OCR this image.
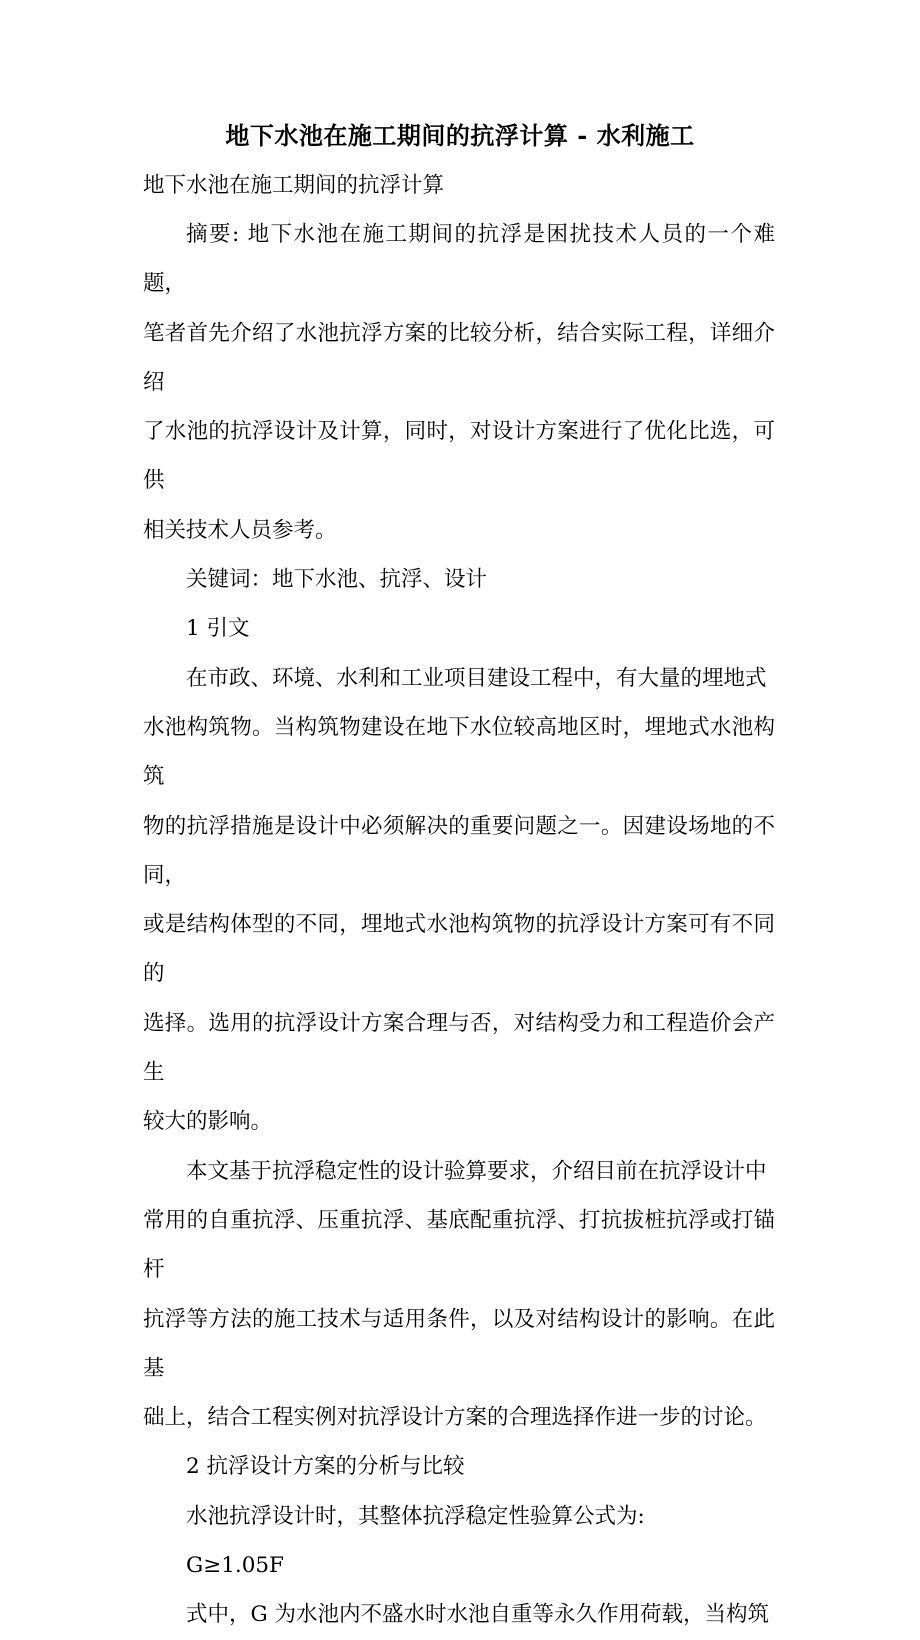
地下水池在施工期间的抗浮计算 - 水利施工
地下水池在施工期间的抗浮计算

摘要: 地下水池在施工期间的抗浮是困扰技术人员的一个难题，
笔者首先介绍了水池抗浮方案的比较分析，结合实际工程，详细介绍
了水池的抗浮设计及计算，同时，对设计方案进行了优化比选，可供
相关技术人员参考。

关键词：地下水池、抗浮、设计

1 引文

在市政、环境、水利和工业项目建设工程中，有大量的埋地式
水池构筑物。当构筑物建设在地下水位较高地区时，埋地式水池构筑
物的抗浮措施是设计中必须解决的重要问题之一。因建设场地的不同，
或是结构体型的不同，埋地式水池构筑物的抗浮设计方案可有不同的
选择。选用的抗浮设计方案合理与否，对结构受力和工程造价会产生
较大的影响。

本文基于抗浮稳定性的设计验算要求，介绍目前在抗浮设计中
常用的自重抗浮、压重抗浮、基底配重抗浮、打抗拔桩抗浮或打锚杆
抗浮等方法的施工技术与适用条件，以及对结构设计的影响。在此基
础上，结合工程实例对抗浮设计方案的合理选择作进一步的讨论。

2 抗浮设计方案的分析与比较

水池抗浮设计时，其整体抗浮稳定性验算公式为:

G≥1.05F

式中，G 为水池内不盛水时水池自重等永久作用荷载，当构筑
